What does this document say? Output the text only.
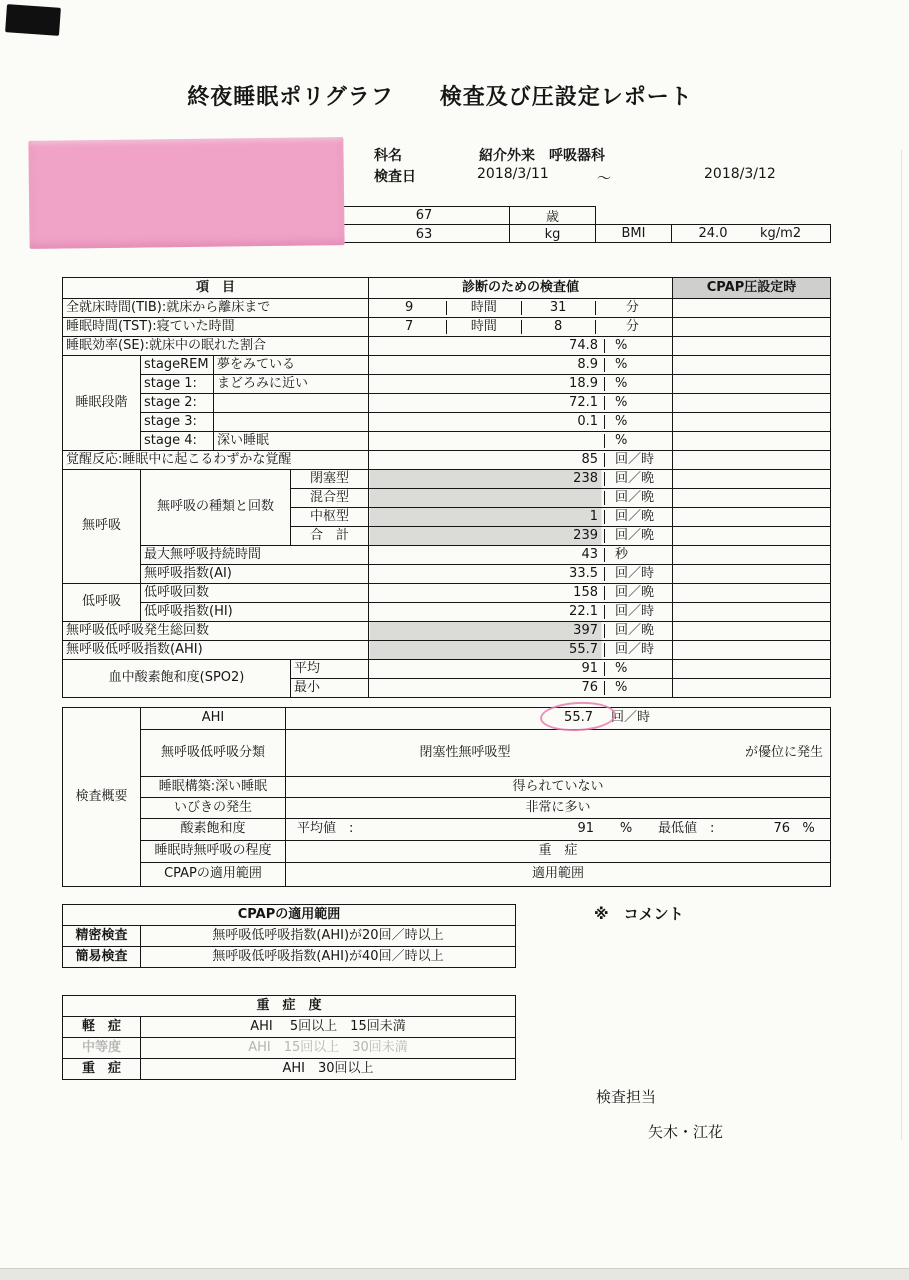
終夜睡眠ポリグラフ　　検査及び圧設定レポート
科名	紹介外来　呼吸器科
検査日	2018/3/11	～	2018/3/12
67	歳
63	kg	BMI	24.0	kg/m2
項　目				診断のための検査値	CPAP圧設定時
全就床時間(TIB):就床から離床まで				9 時間 31 分	

睡眠時間(TST):寝ていた時間				7 時間 8 分	

睡眠効率(SE):就床中の眠れた割合				74.8 %	

睡眠段階	stageREM	夢をみている		8.9 %	

	stage 1:	まどろみに近い		18.9 %	

	stage 2:			72.1 %	

	stage 3:			0.1 %	

	stage 4:	深い睡眠		%	

覚醒反応:睡眠中に起こるわずかな覚醒				85 回／時	

無呼吸	無呼吸の種類と回数		閉塞型	238 回／晩	

			混合型	回／晩	

			中枢型	1 回／晩	

			合　計	239 回／晩	

	最大無呼吸持続時間			43 秒	

	無呼吸指数(AI)			33.5 回／時	

低呼吸	低呼吸回数			158 回／晩	

	低呼吸指数(HI)			22.1 回／時	

無呼吸低呼吸発生総回数				397 回／晩	

無呼吸低呼吸指数(AHI)				55.7 回／時	

血中酸素飽和度(SPO2)			平均	91 %	

			最小	76 %	

検査概要	AHI	55.7 回／時

	無呼吸低呼吸分類	閉塞性無呼吸型 が優位に発生

	睡眠構築:深い睡眠	得られていない
	いびきの発生	非常に多い
酸素飽和度	平均値　:	91	%	最低値　:	76 %

	睡眠時無呼吸の程度	重　症
	CPAPの適用範囲	適用範囲
CPAPの適用範囲	
精密検査	無呼吸低呼吸指数(AHI)が20回／時以上
簡易検査	無呼吸低呼吸指数(AHI)が40回／時以上
※　コメント
重　症　度	
軽　症	AHI　 5回以上　15回未満
中等度	AHI　15回以上　30回未満
重　症	AHI　30回以上
検査担当
矢木・江花
